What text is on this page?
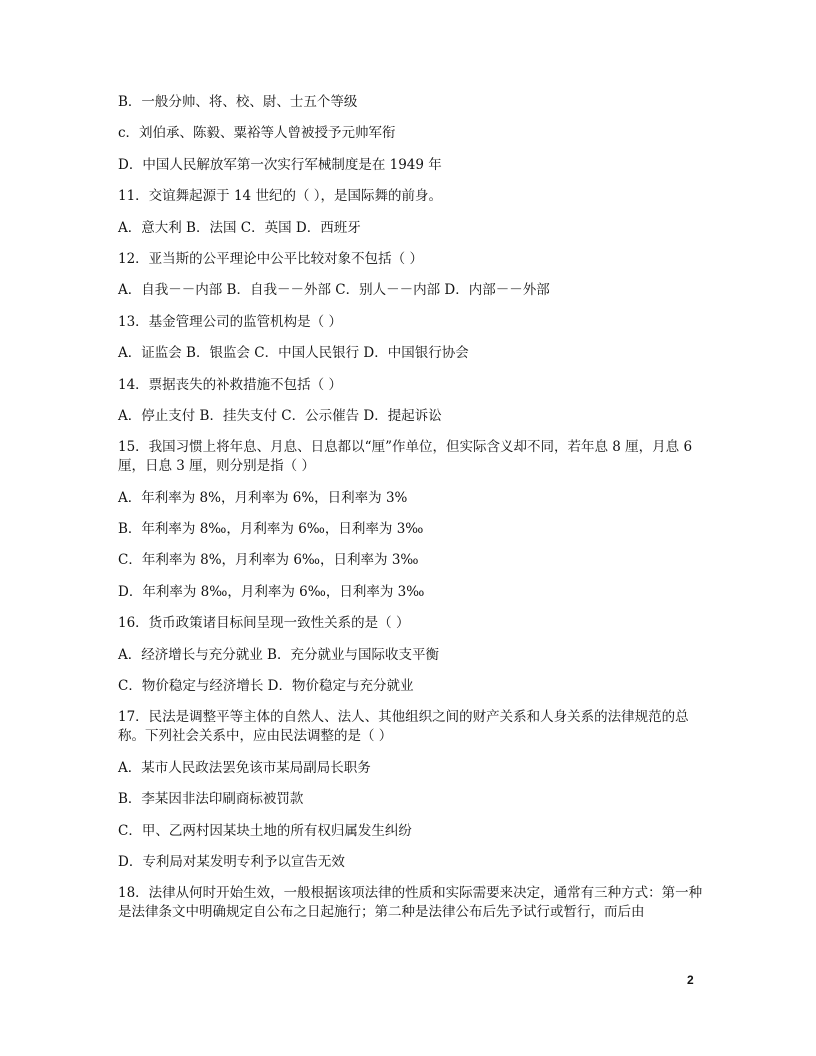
B．一般分帅、将、校、尉、士五个等级

c．刘伯承、陈毅、粟裕等人曾被授予元帅军衔

D．中国人民解放军第一次实行军械制度是在 1949 年

11．交谊舞起源于 14 世纪的（ ），是国际舞的前身。

A．意大利 B．法国 C．英国 D．西班牙

12．亚当斯的公平理论中公平比较对象不包括（ ）

A．自我－－内部 B．自我－－外部 C．别人－－内部 D．内部－－外部

13．基金管理公司的监管机构是（ ）

A．证监会 B．银监会 C．中国人民银行 D．中国银行协会

14．票据丧失的补救措施不包括（ ）

A．停止支付 B．挂失支付 C．公示催告 D．提起诉讼

15．我国习惯上将年息、月息、日息都以“厘”作单位，但实际含义却不同，若年息 8 厘，月息 6 厘，日息 3 厘，则分别是指（ ）

A．年利率为 8%，月利率为 6%，日利率为 3%

B．年利率为 8‰，月利率为 6‰，日利率为 3‰

C．年利率为 8%，月利率为 6‰，日利率为 3‰

D．年利率为 8‰，月利率为 6‰，日利率为 3‰

16．货币政策诸目标间呈现一致性关系的是（ ）

A．经济增长与充分就业 B．充分就业与国际收支平衡

C．物价稳定与经济增长 D．物价稳定与充分就业

17．民法是调整平等主体的自然人、法人、其他组织之间的财产关系和人身关系的法律规范的总称。下列社会关系中，应由民法调整的是（ ）

A．某市人民政法罢免该市某局副局长职务

B．李某因非法印刷商标被罚款

C．甲、乙两村因某块土地的所有权归属发生纠纷

D．专利局对某发明专利予以宣告无效

18．法律从何时开始生效，一般根据该项法律的性质和实际需要来决定，通常有三种方式：第一种是法律条文中明确规定自公布之日起施行；第二种是法律公布后先予试行或暂行，而后由

2
